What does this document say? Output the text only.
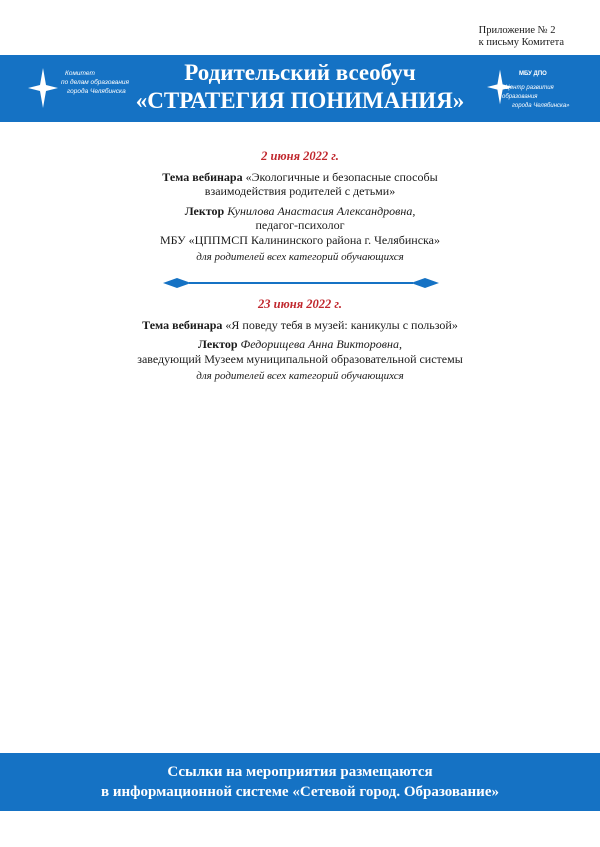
Приложение № 2
к письму Комитета
Комитет
по делам образования
города Челябинска
Родительский всеобуч
«СТРАТЕГИЯ ПОНИМАНИЯ»
МБУ ДПО
«Центр развития образования
города Челябинска»
2 июня 2022 г.
Тема вебинара «Экологичные и безопасные способы
взаимодействия родителей с детьми»
Лектор Кунилова Анастасия Александровна,
педагог-психолог
МБУ «ЦППМСП Калининского района г. Челябинска»
для родителей всех категорий обучающихся
23 июня 2022 г.
Тема вебинара «Я поведу тебя в музей: каникулы с пользой»
Лектор Федорищева Анна Викторовна,
заведующий Музеем муниципальной образовательной системы
для родителей всех категорий обучающихся
Ссылки на мероприятия размещаются
в информационной системе «Сетевой город. Образование»
